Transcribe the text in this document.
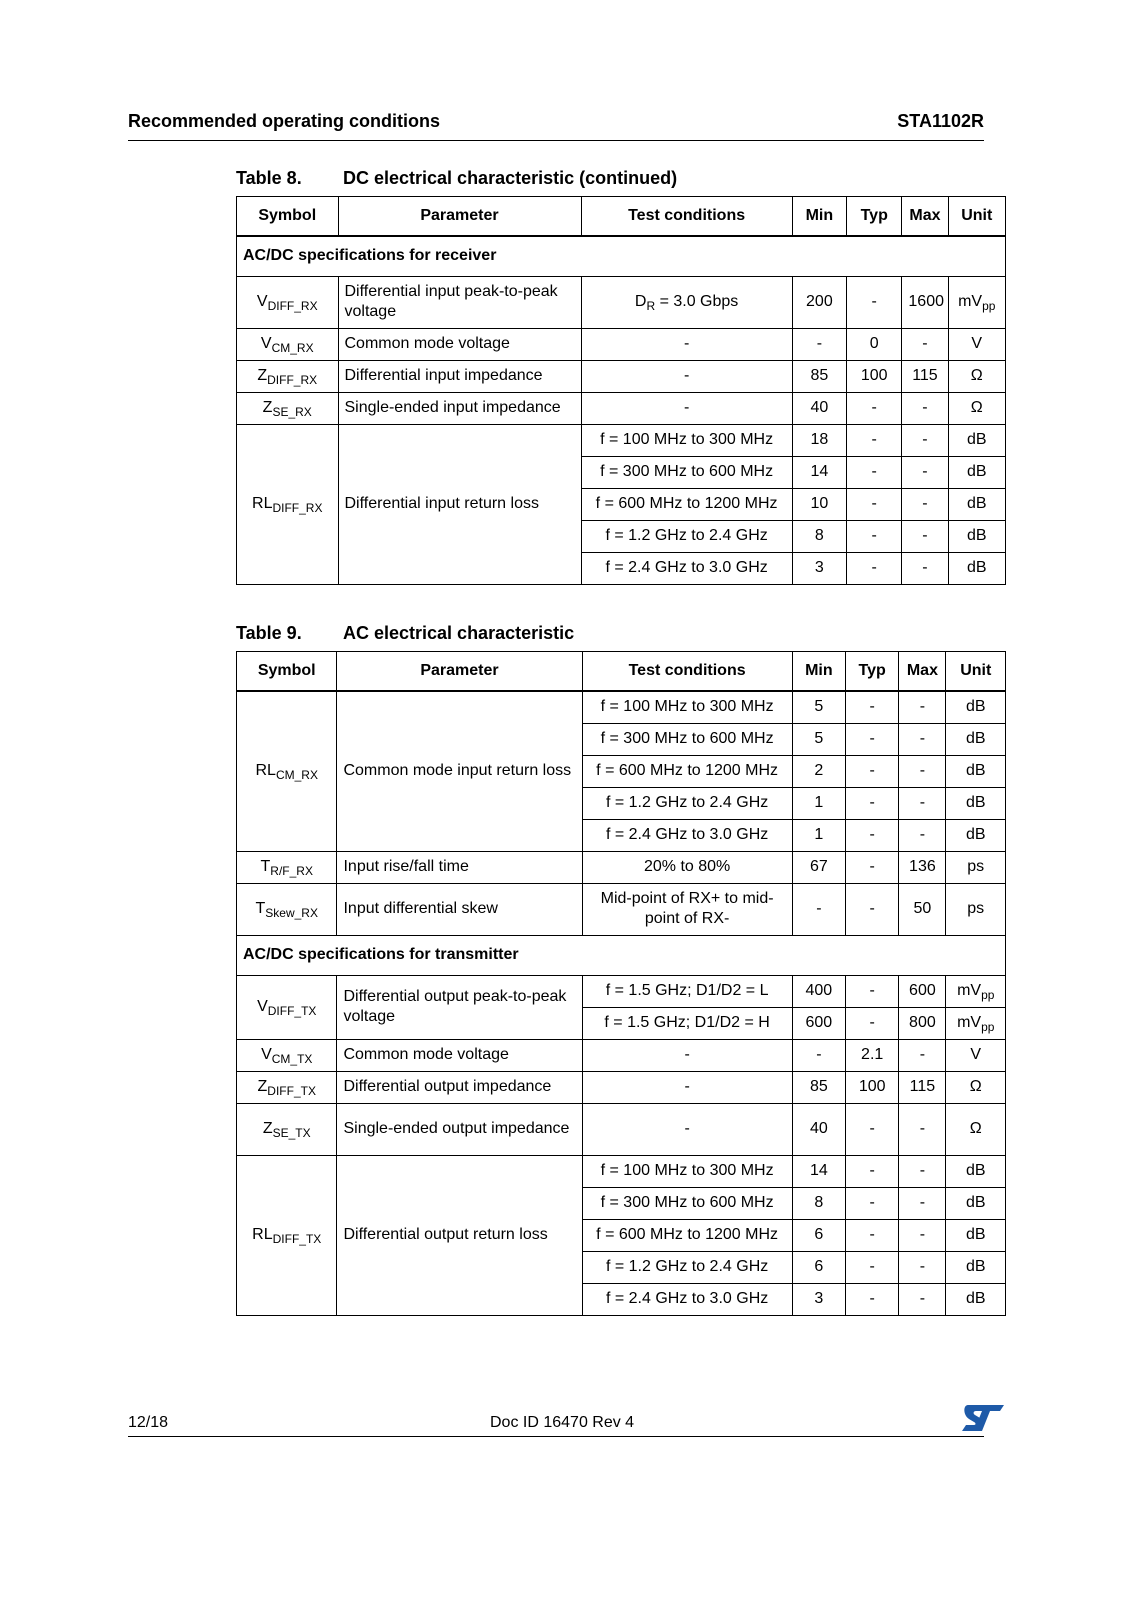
Recommended operating conditions	STA1102R
Table 8. DC electrical characteristic (continued)
Symbol	Parameter	Test conditions	Min	Typ	Max	Unit
AC/DC specifications for receiver						
$V_{DIFF\_RX}$	Differential input peak-to-peak voltage	$D_R = 3.0$ Gbps	200	-	1600	$mV_{pp}$
$V_{CM\_RX}$	Common mode voltage	-	-	0	-	V
$Z_{DIFF\_RX}$	Differential input impedance	-	85	100	115	Ω
$Z_{SE\_RX}$	Single-ended input impedance	-	40	-	-	Ω
$RL_{DIFF\_RX}$	Differential input return loss	f = 100 MHz to 300 MHz	18	-	-	dB
		f = 300 MHz to 600 MHz	14	-	-	dB
		f = 600 MHz to 1200 MHz	10	-	-	dB
		f = 1.2 GHz to 2.4 GHz	8	-	-	dB
		f = 2.4 GHz to 3.0 GHz	3	-	-	dB
Table 9. AC electrical characteristic
Symbol	Parameter	Test conditions	Min	Typ	Max	Unit
$RL_{CM\_RX}$	Common mode input return loss	f = 100 MHz to 300 MHz	5	-	-	dB
		f = 300 MHz to 600 MHz	5	-	-	dB
		f = 600 MHz to 1200 MHz	2	-	-	dB
		f = 1.2 GHz to 2.4 GHz	1	-	-	dB
		f = 2.4 GHz to 3.0 GHz	1	-	-	dB
$T_{R/F\_RX}$	Input rise/fall time	20% to 80%	67	-	136	ps
$T_{Skew\_RX}$	Input differential skew	Mid-point of RX+ to mid-point of RX-	-	-	50	ps
AC/DC specifications for transmitter						
$V_{DIFF\_TX}$	Differential output peak-to-peak voltage	f = 1.5 GHz; D1/D2 = L	400	-	600	$mV_{pp}$
		f = 1.5 GHz; D1/D2 = H	600	-	800	$mV_{pp}$
$V_{CM\_TX}$	Common mode voltage	-	-	2.1	-	V
$Z_{DIFF\_TX}$	Differential output impedance	-	85	100	115	Ω
$Z_{SE\_TX}$	Single-ended output impedance	-	40	-	-	Ω
$RL_{DIFF\_TX}$	Differential output return loss	f = 100 MHz to 300 MHz	14	-	-	dB
		f = 300 MHz to 600 MHz	8	-	-	dB
		f = 600 MHz to 1200 MHz	6	-	-	dB
		f = 1.2 GHz to 2.4 GHz	6	-	-	dB
		f = 2.4 GHz to 3.0 GHz	3	-	-	dB
12/18	Doc ID 16470 Rev 4
